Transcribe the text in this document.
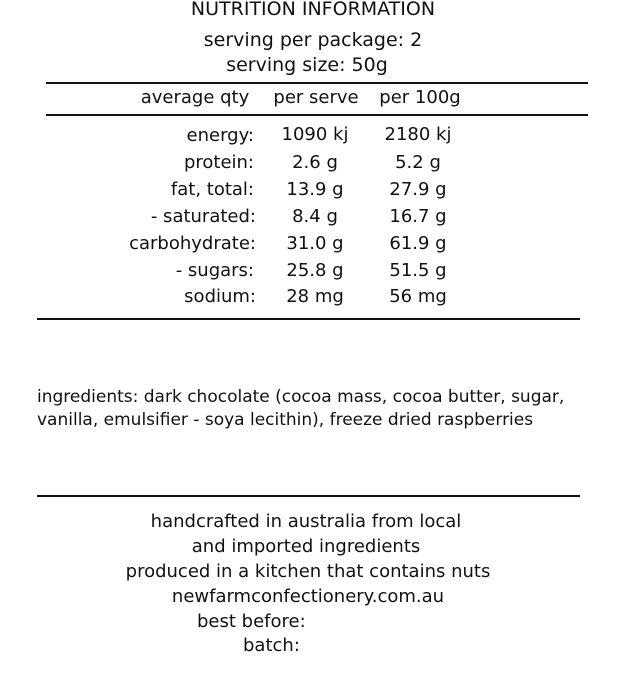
NUTRITION INFORMATION
serving per package: 2
serving size: 50g
average qty	per serve	per 100g
energy:	1090 kj	2180 kj
protein:	2.6 g	5.2 g
fat, total:	13.9 g	27.9 g
- saturated:	8.4 g	16.7 g
carbohydrate:	31.0 g	61.9 g
- sugars:	25.8 g	51.5 g
sodium:	28 mg	56 mg
ingredients: dark chocolate (cocoa mass, cocoa butter, sugar,
vanilla, emulsifier - soya lecithin), freeze dried raspberries
handcrafted in australia from local
and imported ingredients
produced in a kitchen that contains nuts
newfarmconfectionery.com.au
best before:
batch:
